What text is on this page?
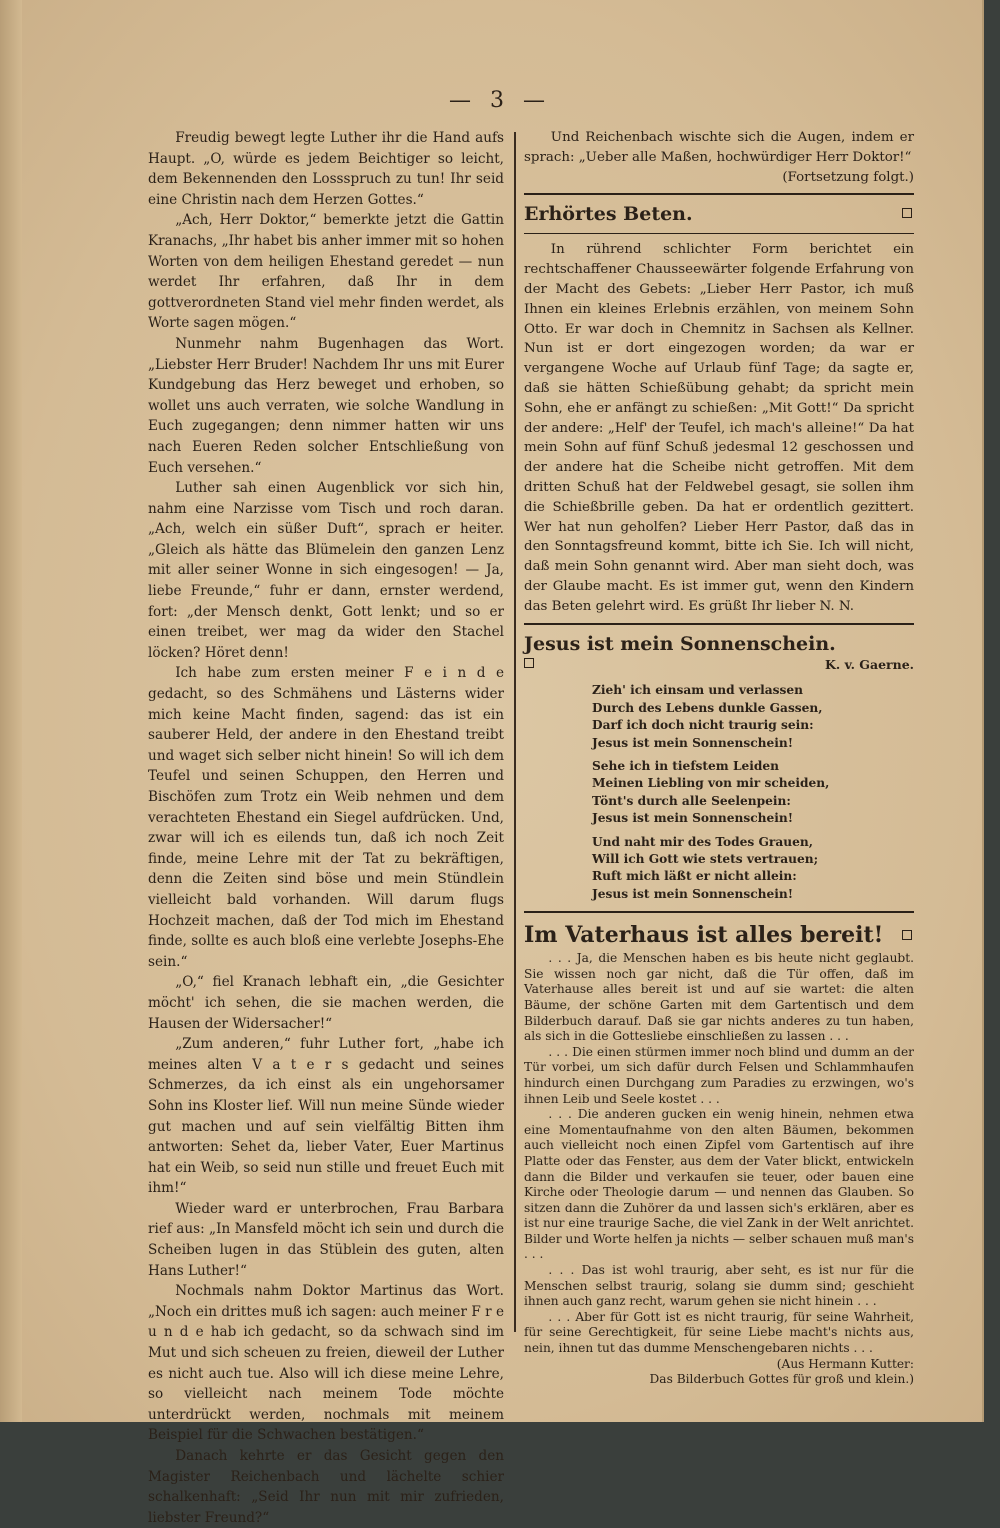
— 3 —

Freudig bewegt legte Luther ihr die Hand aufs Haupt. „O, würde es jedem Beichtiger so leicht, dem Bekennenden den Lossspruch zu tun! Ihr seid eine Christin nach dem Herzen Gottes.“

„Ach, Herr Doktor,“ bemerkte jetzt die Gattin Kranachs, „Ihr habet bis anher immer mit so hohen Worten von dem heiligen Ehestand geredet — nun werdet Ihr erfahren, daß Ihr in dem gottverordneten Stand viel mehr finden werdet, als Worte sagen mögen.“

Nunmehr nahm Bugenhagen das Wort. „Liebster Herr Bruder! Nachdem Ihr uns mit Eurer Kundgebung das Herz beweget und erhoben, so wollet uns auch verraten, wie solche Wandlung in Euch zugegangen; denn nimmer hatten wir uns nach Eueren Reden solcher Entschließung von Euch versehen.“

Luther sah einen Augenblick vor sich hin, nahm eine Narzisse vom Tisch und roch daran. „Ach, welch ein süßer Duft“, sprach er heiter. „Gleich als hätte das Blümelein den ganzen Lenz mit aller seiner Wonne in sich eingesogen! — Ja, liebe Freunde,“ fuhr er dann, ernster werdend, fort: „der Mensch denkt, Gott lenkt; und so er einen treibet, wer mag da wider den Stachel löcken? Höret denn!

Ich habe zum ersten meiner F e i n d e gedacht, so des Schmähens und Lästerns wider mich keine Macht finden, sagend: das ist ein sauberer Held, der andere in den Ehestand treibt und waget sich selber nicht hinein! So will ich dem Teufel und seinen Schuppen, den Herren und Bischöfen zum Trotz ein Weib nehmen und dem verachteten Ehestand ein Siegel aufdrücken. Und, zwar will ich es eilends tun, daß ich noch Zeit finde, meine Lehre mit der Tat zu bekräftigen, denn die Zeiten sind böse und mein Stündlein vielleicht bald vorhanden. Will darum flugs Hochzeit machen, daß der Tod mich im Ehestand finde, sollte es auch bloß eine verlebte Josephs-Ehe sein.“

„O,“ fiel Kranach lebhaft ein, „die Gesichter möcht' ich sehen, die sie machen werden, die Hausen der Widersacher!“

„Zum anderen,“ fuhr Luther fort, „habe ich meines alten V a t e r s gedacht und seines Schmerzes, da ich einst als ein ungehorsamer Sohn ins Kloster lief. Will nun meine Sünde wieder gut machen und auf sein vielfältig Bitten ihm antworten: Sehet da, lieber Vater, Euer Martinus hat ein Weib, so seid nun stille und freuet Euch mit ihm!“

Wieder ward er unterbrochen, Frau Barbara rief aus: „In Mansfeld möcht ich sein und durch die Scheiben lugen in das Stüblein des guten, alten Hans Luther!“

Nochmals nahm Doktor Martinus das Wort. „Noch ein drittes muß ich sagen: auch meiner F r e u n d e hab ich gedacht, so da schwach sind im Mut und sich scheuen zu freien, dieweil der Luther es nicht auch tue. Also will ich diese meine Lehre, so vielleicht nach meinem Tode möchte unterdrückt werden, nochmals mit meinem Beispiel für die Schwachen bestätigen.“

Danach kehrte er das Gesicht gegen den Magister Reichenbach und lächelte schier schalkenhaft: „Seid Ihr nun mit mir zufrieden, liebster Freund?“

Und Reichenbach wischte sich die Augen, indem er sprach: „Ueber alle Maßen, hochwürdiger Herr Doktor!“

(Fortsetzung folgt.)
Erhörtes Beten.

In rührend schlichter Form berichtet ein rechtschaffener Chausseewärter folgende Erfahrung von der Macht des Gebets: „Lieber Herr Pastor, ich muß Ihnen ein kleines Erlebnis erzählen, von meinem Sohn Otto. Er war doch in Chemnitz in Sachsen als Kellner. Nun ist er dort eingezogen worden; da war er vergangene Woche auf Urlaub fünf Tage; da sagte er, daß sie hätten Schießübung gehabt; da spricht mein Sohn, ehe er anfängt zu schießen: „Mit Gott!“ Da spricht der andere: „Helf' der Teufel, ich mach's alleine!“ Da hat mein Sohn auf fünf Schuß jedesmal 12 geschossen und der andere hat die Scheibe nicht getroffen. Mit dem dritten Schuß hat der Feldwebel gesagt, sie sollen ihm die Schießbrille geben. Da hat er ordentlich gezittert. Wer hat nun geholfen? Lieber Herr Pastor, daß das in den Sonntagsfreund kommt, bitte ich Sie. Ich will nicht, daß mein Sohn genannt wird. Aber man sieht doch, was der Glaube macht. Es ist immer gut, wenn den Kindern das Beten gelehrt wird. Es grüßt Ihr lieber N. N.

Jesus ist mein Sonnenschein.
K. v. Gaerne.
Zieh' ich einsam und verlassen
Durch des Lebens dunkle Gassen,
Darf ich doch nicht traurig sein:
Jesus ist mein Sonnenschein!
Sehe ich in tiefstem Leiden
Meinen Liebling von mir scheiden,
Tönt's durch alle Seelenpein:
Jesus ist mein Sonnenschein!
Und naht mir des Todes Grauen,
Will ich Gott wie stets vertrauen;
Ruft mich läßt er nicht allein:
Jesus ist mein Sonnenschein!
Im Vaterhaus ist alles bereit!

. . . Ja, die Menschen haben es bis heute nicht geglaubt. Sie wissen noch gar nicht, daß die Tür offen, daß im Vaterhause alles bereit ist und auf sie wartet: die alten Bäume, der schöne Garten mit dem Gartentisch und dem Bilderbuch darauf. Daß sie gar nichts anderes zu tun haben, als sich in die Gottesliebe einschließen zu lassen . . .

. . . Die einen stürmen immer noch blind und dumm an der Tür vorbei, um sich dafür durch Felsen und Schlammhaufen hindurch einen Durchgang zum Paradies zu erzwingen, wo's ihnen Leib und Seele kostet . . .

. . . Die anderen gucken ein wenig hinein, nehmen etwa eine Momentaufnahme von den alten Bäumen, bekommen auch vielleicht noch einen Zipfel vom Gartentisch auf ihre Platte oder das Fenster, aus dem der Vater blickt, entwickeln dann die Bilder und verkaufen sie teuer, oder bauen eine Kirche oder Theologie darum — und nennen das Glauben. So sitzen dann die Zuhörer da und lassen sich's erklären, aber es ist nur eine traurige Sache, die viel Zank in der Welt anrichtet. Bilder und Worte helfen ja nichts — selber schauen muß man's . . .

. . . Das ist wohl traurig, aber seht, es ist nur für die Menschen selbst traurig, solang sie dumm sind; geschieht ihnen auch ganz recht, warum gehen sie nicht hinein . . .

. . . Aber für Gott ist es nicht traurig, für seine Wahrheit, für seine Gerechtigkeit, für seine Liebe macht's nichts aus, nein, ihnen tut das dumme Menschengebaren nichts . . .

(Aus Hermann Kutter:
Das Bilderbuch Gottes für groß und klein.)
